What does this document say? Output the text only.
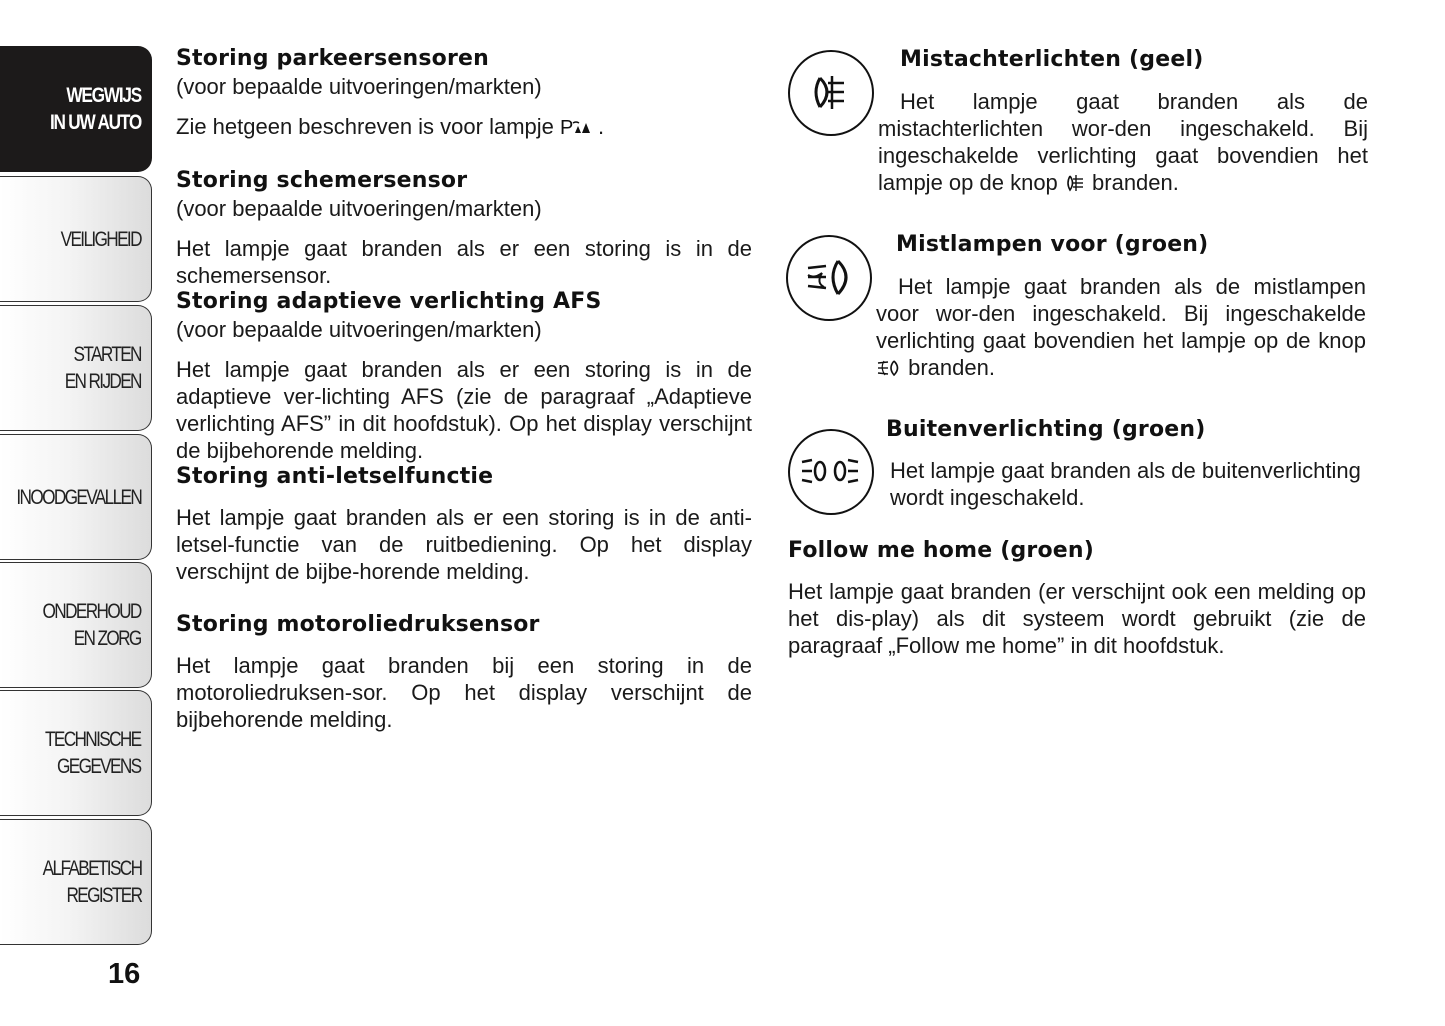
WEGWIJS
IN UW AUTO
VEILIGHEID
STARTEN
EN RIJDEN
INOODGEVALLEN
ONDERHOUD
EN ZORG
TECHNISCHE
GEGEVENS
ALFABETISCH
REGISTER
16
Storing parkeersensoren

(voor bepaalde uitvoeringen/markten)

Zie hetgeen beschreven is voor lampje P .

Storing schemersensor

(voor bepaalde uitvoeringen/markten)

Het lampje gaat branden als er een storing is in de schemersensor.

Storing adaptieve verlichting AFS

(voor bepaalde uitvoeringen/markten)

Het lampje gaat branden als er een storing is in de adaptieve ver-lichting AFS (zie de paragraaf „Adaptieve verlichting AFS” in dit hoofdstuk). Op het display verschijnt de bijbehorende melding.

Storing anti-letselfunctie

Het lampje gaat branden als er een storing is in de anti-letsel-functie van de ruitbediening. Op het display verschijnt de bijbe-horende melding.

Storing motoroliedruksensor

Het lampje gaat branden bij een storing in de motoroliedruksen-sor. Op het display verschijnt de bijbehorende melding.

Mistachterlichten (geel)

Het lampje gaat branden als de mistachterlichten wor-den ingeschakeld. Bij ingeschakelde verlichting gaat bovendien het lampje op de knop  branden.

Mistlampen voor (groen)

Het lampje gaat branden als de mistlampen voor wor-den ingeschakeld. Bij ingeschakelde verlichting gaat bovendien het lampje op de knop  branden.

Buitenverlichting (groen)

Het lampje gaat branden als de buitenverlichting wordt ingeschakeld.

Follow me home (groen)

Het lampje gaat branden (er verschijnt ook een melding op het dis-play) als dit systeem wordt gebruikt (zie de paragraaf „Follow me home” in dit hoofdstuk.
